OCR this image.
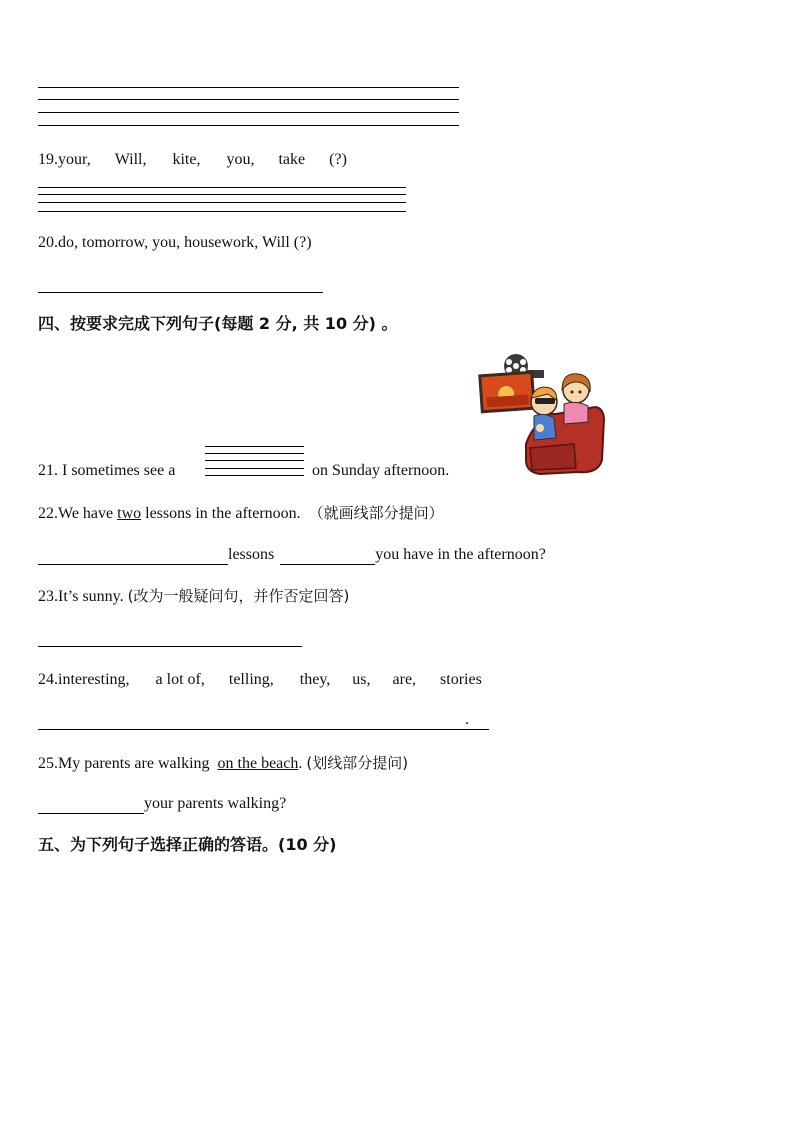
19.your, Will, kite, you, take (?)
20.do, tomorrow, you, housework, Will (?)
四、按要求完成下列句子(每题 2 分, 共 10 分) 。
21. I sometimes see a	on Sunday afternoon.
22.We have two lessons in the afternoon. （就画线部分提问）
lessons	you have in the afternoon?
23.It’s sunny. (改为一般疑问句，并作否定回答)
24.interesting, a lot of, telling, they, us, are, stories
.
25.My parents are walking  on the beach. (划线部分提问)
your parents walking?
五、为下列句子选择正确的答语。(10 分)
